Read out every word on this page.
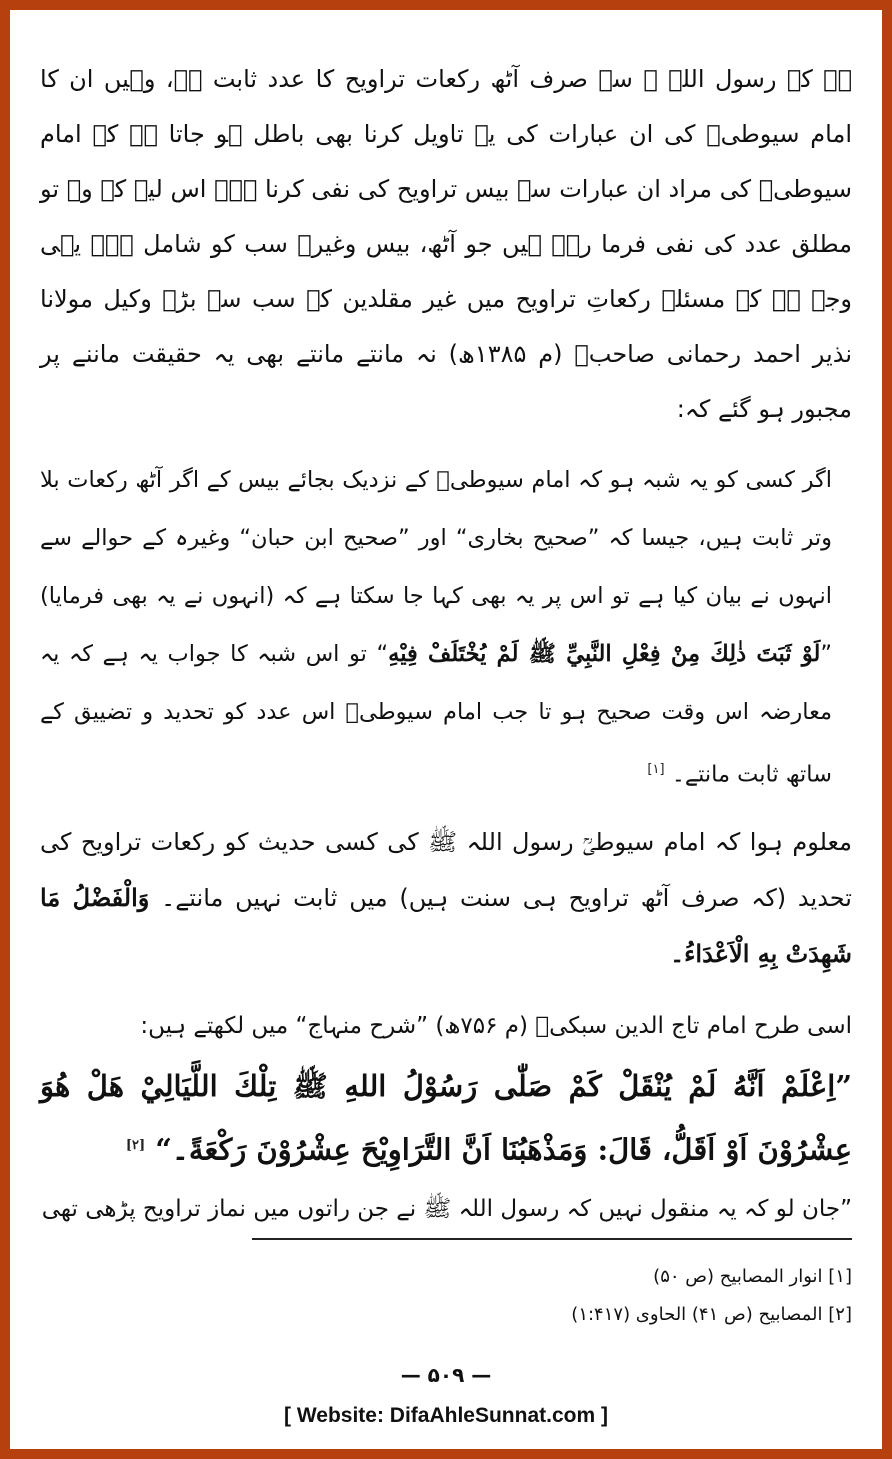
ہے کہ رسول اللہ ﷺ سے صرف آٹھ رکعات تراویح کا عدد ثابت ہے، وہیں ان کا امام سیوطیؒ کی ان عبارات کی یہ تاویل کرنا بھی باطل ہو جاتا ہے کہ امام سیوطیؒ کی مراد ان عبارات سے بیس تراویح کی نفی کرنا ہے۔ اس لیے کہ وہ تو مطلق عدد کی نفی فرما رہے ہیں جو آٹھ، بیس وغیرہ سب کو شامل ہے۔ یہی وجہ ہے کہ مسئلۂ رکعاتِ تراویح میں غیر مقلدین کے سب سے بڑے وکیل مولانا نذیر احمد رحمانی صاحبؒ (م ۱۳۸۵ھ) نہ مانتے مانتے بھی یہ حقیقت ماننے پر مجبور ہو گئے کہ:

اگر کسی کو یہ شبہ ہو کہ امام سیوطیؒ کے نزدیک بجائے بیس کے اگر آٹھ رکعات بلا وتر ثابت ہیں، جیسا کہ ”صحیح بخاری“ اور ”صحیح ابن حبان“ وغیرہ کے حوالے سے انہوں نے بیان کیا ہے تو اس پر یہ بھی کہا جا سکتا ہے کہ (انہوں نے یہ بھی فرمایا) ”لَوْ ثَبَتَ ذٰلِكَ مِنْ فِعْلِ النَّبِيِّ ﷺ لَمْ يُخْتَلَفْ فِيْهِ“ تو اس شبہ کا جواب یہ ہے کہ یہ معارضہ اس وقت صحیح ہو تا جب امام سیوطیؒ اس عدد کو تحدید و تضییق کے ساتھ ثابت مانتے۔ [۱]

معلوم ہوا کہ امام سیوطیؒ رسول اللہ ﷺ کی کسی حدیث کو رکعات تراویح کی تحدید (کہ صرف آٹھ تراویح ہی سنت ہیں) میں ثابت نہیں مانتے۔ وَالْفَضْلُ مَا شَهِدَتْ بِهِ الْاَعْدَاءُ۔

اسی طرح امام تاج الدین سبکیؒ (م ۷۵۶ھ) ”شرح منہاج“ میں لکھتے ہیں:

”اِعْلَمْ اَنَّهُ لَمْ يُنْقَلْ كَمْ صَلّٰى رَسُوْلُ اللهِ ﷺ تِلْكَ اللَّيَالِيْ هَلْ هُوَ عِشْرُوْنَ اَوْ اَقَلُّ، قَالَ: وَمَذْهَبُنَا اَنَّ التَّرَاوِيْحَ عِشْرُوْنَ رَكْعَةً۔“ [۲]

”جان لو کہ یہ منقول نہیں کہ رسول اللہ ﷺ نے جن راتوں میں نماز تراویح پڑھی تھی

[۱] انوار المصابیح (ص ۵۰)

[۲] المصابیح (ص ۴۱) الحاوی (۱:۴۱۷)

— ۵۰۹ —
[ Website: DifaAhleSunnat.com ]
